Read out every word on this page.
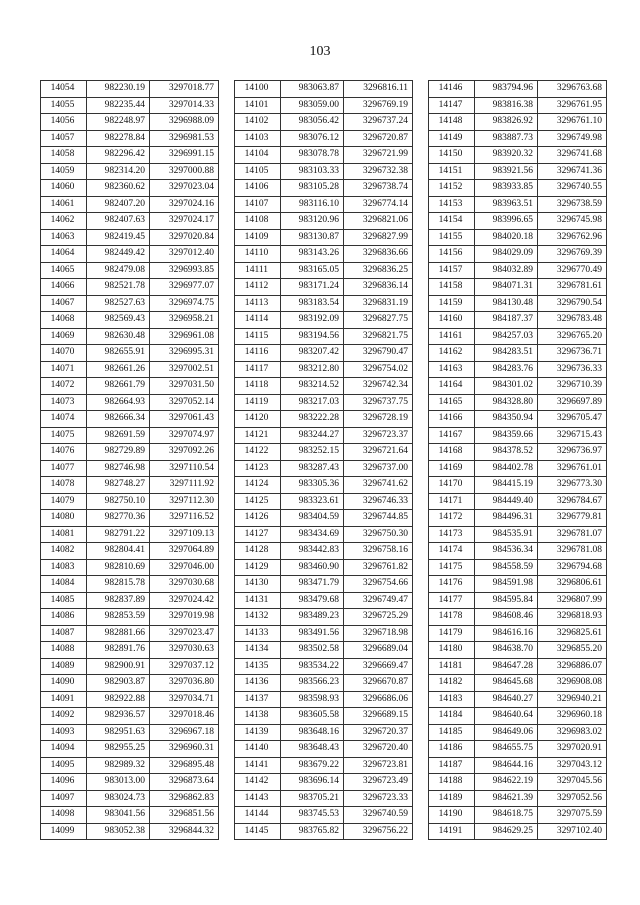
103
14054	982230.19	3297018.77
14055	982235.44	3297014.33
14056	982248.97	3296988.09
14057	982278.84	3296981.53
14058	982296.42	3296991.15
14059	982314.20	3297000.88
14060	982360.62	3297023.04
14061	982407.20	3297024.16
14062	982407.63	3297024.17
14063	982419.45	3297020.84
14064	982449.42	3297012.40
14065	982479.08	3296993.85
14066	982521.78	3296977.07
14067	982527.63	3296974.75
14068	982569.43	3296958.21
14069	982630.48	3296961.08
14070	982655.91	3296995.31
14071	982661.26	3297002.51
14072	982661.79	3297031.50
14073	982664.93	3297052.14
14074	982666.34	3297061.43
14075	982691.59	3297074.97
14076	982729.89	3297092.26
14077	982746.98	3297110.54
14078	982748.27	3297111.92
14079	982750.10	3297112.30
14080	982770.36	3297116.52
14081	982791.22	3297109.13
14082	982804.41	3297064.89
14083	982810.69	3297046.00
14084	982815.78	3297030.68
14085	982837.89	3297024.42
14086	982853.59	3297019.98
14087	982881.66	3297023.47
14088	982891.76	3297030.63
14089	982900.91	3297037.12
14090	982903.87	3297036.80
14091	982922.88	3297034.71
14092	982936.57	3297018.46
14093	982951.63	3296967.18
14094	982955.25	3296960.31
14095	982989.32	3296895.48
14096	983013.00	3296873.64
14097	983024.73	3296862.83
14098	983041.56	3296851.56
14099	983052.38	3296844.32
14100	983063.87	3296816.11
14101	983059.00	3296769.19
14102	983056.42	3296737.24
14103	983076.12	3296720.87
14104	983078.78	3296721.99
14105	983103.33	3296732.38
14106	983105.28	3296738.74
14107	983116.10	3296774.14
14108	983120.96	3296821.06
14109	983130.87	3296827.99
14110	983143.26	3296836.66
14111	983165.05	3296836.25
14112	983171.24	3296836.14
14113	983183.54	3296831.19
14114	983192.09	3296827.75
14115	983194.56	3296821.75
14116	983207.42	3296790.47
14117	983212.80	3296754.02
14118	983214.52	3296742.34
14119	983217.03	3296737.75
14120	983222.28	3296728.19
14121	983244.27	3296723.37
14122	983252.15	3296721.64
14123	983287.43	3296737.00
14124	983305.36	3296741.62
14125	983323.61	3296746.33
14126	983404.59	3296744.85
14127	983434.69	3296750.30
14128	983442.83	3296758.16
14129	983460.90	3296761.82
14130	983471.79	3296754.66
14131	983479.68	3296749.47
14132	983489.23	3296725.29
14133	983491.56	3296718.98
14134	983502.58	3296689.04
14135	983534.22	3296669.47
14136	983566.23	3296670.87
14137	983598.93	3296686.06
14138	983605.58	3296689.15
14139	983648.16	3296720.37
14140	983648.43	3296720.40
14141	983679.22	3296723.81
14142	983696.14	3296723.49
14143	983705.21	3296723.33
14144	983745.53	3296740.59
14145	983765.82	3296756.22
14146	983794.96	3296763.68
14147	983816.38	3296761.95
14148	983826.92	3296761.10
14149	983887.73	3296749.98
14150	983920.32	3296741.68
14151	983921.56	3296741.36
14152	983933.85	3296740.55
14153	983963.51	3296738.59
14154	983996.65	3296745.98
14155	984020.18	3296762.96
14156	984029.09	3296769.39
14157	984032.89	3296770.49
14158	984071.31	3296781.61
14159	984130.48	3296790.54
14160	984187.37	3296783.48
14161	984257.03	3296765.20
14162	984283.51	3296736.71
14163	984283.76	3296736.33
14164	984301.02	3296710.39
14165	984328.80	3296697.89
14166	984350.94	3296705.47
14167	984359.66	3296715.43
14168	984378.52	3296736.97
14169	984402.78	3296761.01
14170	984415.19	3296773.30
14171	984449.40	3296784.67
14172	984496.31	3296779.81
14173	984535.91	3296781.07
14174	984536.34	3296781.08
14175	984558.59	3296794.68
14176	984591.98	3296806.61
14177	984595.84	3296807.99
14178	984608.46	3296818.93
14179	984616.16	3296825.61
14180	984638.70	3296855.20
14181	984647.28	3296886.07
14182	984645.68	3296908.08
14183	984640.27	3296940.21
14184	984640.64	3296960.18
14185	984649.06	3296983.02
14186	984655.75	3297020.91
14187	984644.16	3297043.12
14188	984622.19	3297045.56
14189	984621.39	3297052.56
14190	984618.75	3297075.59
14191	984629.25	3297102.40
